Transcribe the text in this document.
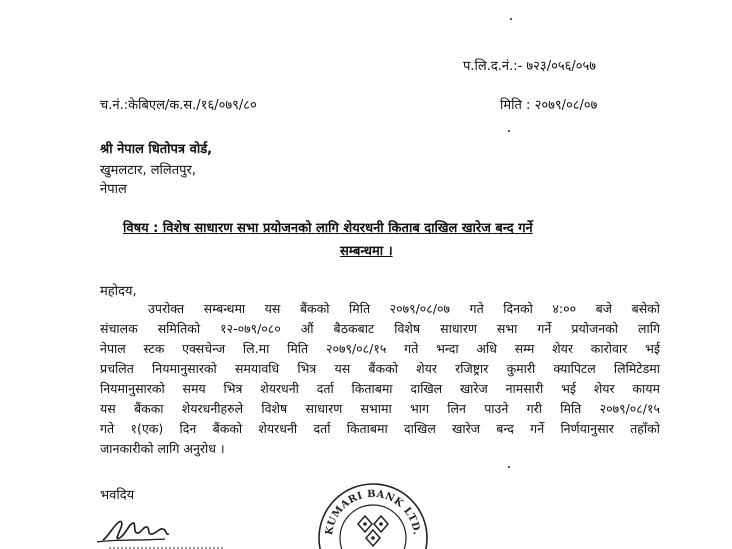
प.लि.द.नं.:- ७२३/०५६/०५७
च.नं.:केबिएल/क.स./१६/०७९/८०	मिति : २०७९/०८/०७
श्री नेपाल धितोपत्र वोर्ड,
खुमलटार, ललितपुर,
नेपाल
विषय : विशेष साधारण सभा प्रयोजनको लागि शेयरधनी किताब दाखिल खारेज बन्द गर्ने
सम्बन्धमा ।
महोदय,
उपरोक्त सम्बन्धमा यस बैंकको मिति २०७९/०८/०७ गते दिनको ४:०० बजे बसेको
संचालक समितिको १२-०७९/०८० औं बैठकबाट विशेष साधारण सभा गर्ने प्रयोजनको लागि
नेपाल स्टक एक्सचेन्ज लि.मा मिति २०७९/०८/१५ गते भन्दा अधि सम्म शेयर कारोवार भई
प्रचलित नियमानुसारको समयावधि भित्र यस बैंकको शेयर रजिष्ट्रार कुमारी क्यापिटल लिमिटेडमा
नियमानुसारको समय भित्र शेयरधनी दर्ता किताबमा दाखिल खारेज नामसारी भई शेयर कायम
यस बैंकका शेयरधनीहरुले विशेष साधारण सभामा भाग लिन पाउने गरी मिति २०७९/०८/१५
गते १(एक) दिन बैंकको शेयरधनी दर्ता किताबमा दाखिल खारेज बन्द गर्ने निर्णयानुसार तहाँको
जानकारीको लागि अनुरोध ।
भवदिय
KUMARI BANK LTD.
